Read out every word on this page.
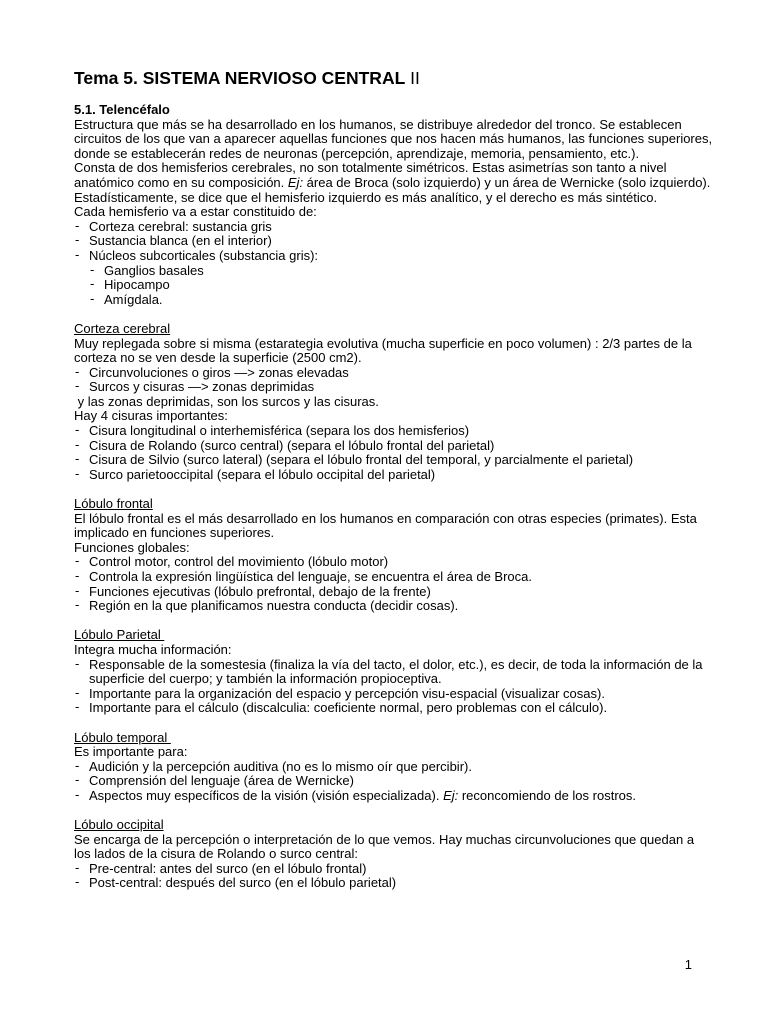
Tema 5. SISTEMA NERVIOSO CENTRAL II

5.1. Telencéfalo

Estructura que más se ha desarrollado en los humanos, se distribuye alrededor del tronco. Se establecen circuitos de los que van a aparecer aquellas funciones que nos hacen más humanos, las funciones superiores, donde se establecerán redes de neuronas (percepción, aprendizaje, memoria, pensamiento, etc.).

Consta de dos hemisferios cerebrales, no son totalmente simétricos. Estas asimetrías son tanto a nivel anatómico como en su composición. Ej: área de Broca (solo izquierdo) y un área de Wernicke (solo izquierdo). Estadísticamente, se dice que el hemisferio izquierdo es más analítico, y el derecho es más sintético.

Cada hemisferio va a estar constituido de:

- Corteza cerebral: sustancia gris
- Sustancia blanca (en el interior)
- Núcleos subcorticales (substancia gris):
- Ganglios basales
- Hipocampo
- Amígdala.

Corteza cerebral

Muy replegada sobre si misma (estarategia evolutiva (mucha superficie en poco volumen) : 2/3 partes de la corteza no se ven desde la superficie (2500 cm2).

- Circunvoluciones o giros —> zonas elevadas
- Surcos y cisuras —> zonas deprimidas

y las zonas deprimidas, son los surcos y las cisuras.

Hay 4 cisuras importantes:

- Cisura longitudinal o interhemisférica (separa los dos hemisferios)
- Cisura de Rolando (surco central) (separa el lóbulo frontal del parietal)
- Cisura de Silvio (surco lateral) (separa el lóbulo frontal del temporal, y parcialmente el parietal)
- Surco parietooccipital (separa el lóbulo occipital del parietal)

Lóbulo frontal

El lóbulo frontal es el más desarrollado en los humanos en comparación con otras especies (primates). Esta implicado en funciones superiores.

Funciones globales:

- Control motor, control del movimiento (lóbulo motor)
- Controla la expresión lingüística del lenguaje, se encuentra el área de Broca.
- Funciones ejecutivas (lóbulo prefrontal, debajo de la frente)
- Región en la que planificamos nuestra conducta (decidir cosas).

Lóbulo Parietal

Integra mucha información:

- Responsable de la somestesia (finaliza la vía del tacto, el dolor, etc.), es decir, de toda la información de la superficie del cuerpo; y también la información propioceptiva.
- Importante para la organización del espacio y percepción visu-espacial (visualizar cosas).
- Importante para el cálculo (discalculia: coeficiente normal, pero problemas con el cálculo).

Lóbulo temporal

Es importante para:

- Audición y la percepción auditiva (no es lo mismo oír que percibir).
- Comprensión del lenguaje (área de Wernicke)
- Aspectos muy específicos de la visión (visión especializada). Ej: reconcomiendo de los rostros.

Lóbulo occipital

Se encarga de la percepción o interpretación de lo que vemos. Hay muchas circunvoluciones que quedan a los lados de la cisura de Rolando o surco central:

- Pre-central: antes del surco (en el lóbulo frontal)
- Post-central: después del surco (en el lóbulo parietal)
1
